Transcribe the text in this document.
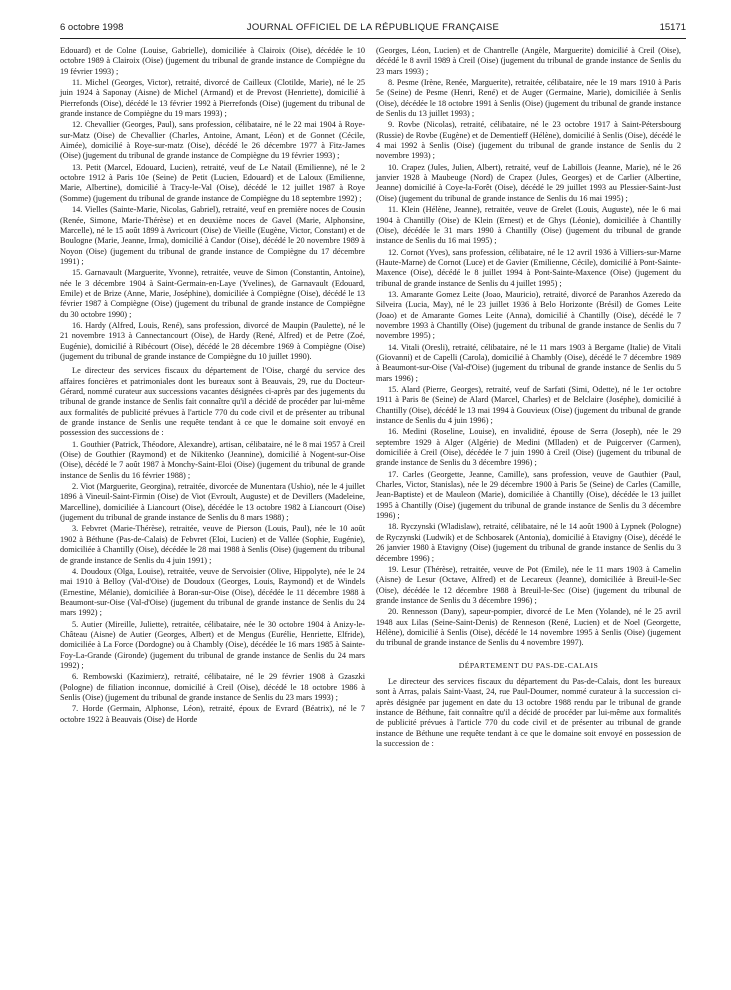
6 octobre 1998	JOURNAL OFFICIEL DE LA RÉPUBLIQUE FRANÇAISE	15171

Edouard) et de Colne (Louise, Gabrielle), domiciliée à Clairoix (Oise), décédée le 10 octobre 1989 à Clairoix (Oise) (jugement du tribunal de grande instance de Compiègne du 19 février 1993) ;

11. Michel (Georges, Victor), retraité, divorcé de Cailleux (Clotilde, Marie), né le 25 juin 1924 à Saponay (Aisne) de Michel (Armand) et de Prevost (Henriette), domicilié à Pierrefonds (Oise), décédé le 13 février 1992 à Pierrefonds (Oise) (jugement du tribunal de grande instance de Compiègne du 19 mars 1993) ;

12. Chevallier (Georges, Paul), sans profession, célibataire, né le 22 mai 1904 à Roye-sur-Matz (Oise) de Chevallier (Charles, Antoine, Amant, Léon) et de Gonnet (Cécile, Aimée), domicilié à Roye-sur-matz (Oise), décédé le 26 décembre 1977 à Fitz-James (Oise) (jugement du tribunal de grande instance de Compiègne du 19 février 1993) ;

13. Petit (Marcel, Edouard, Lucien), retraité, veuf de Le Natail (Emilienne), né le 2 octobre 1912 à Paris 10e (Seine) de Petit (Lucien, Edouard) et de Laloux (Emilienne, Marie, Albertine), domicilié à Tracy-le-Val (Oise), décédé le 12 juillet 1987 à Roye (Somme) (jugement du tribunal de grande instance de Compiègne du 18 septembre 1992) ;

14. Vielles (Sainte-Marie, Nicolas, Gabriel), retraité, veuf en première noces de Cousin (Renée, Simone, Marie-Thérèse) et en deuxième noces de Gavel (Marie, Alphonsine, Marcelle), né le 15 août 1899 à Avricourt (Oise) de Vieille (Eugène, Victor, Constant) et de Boulogne (Marie, Jeanne, Irma), domicilié à Candor (Oise), décédé le 20 novembre 1989 à Noyon (Oise) (jugement du tribunal de grande instance de Compiègne du 17 décembre 1991) ;

15. Garnavault (Marguerite, Yvonne), retraitée, veuve de Simon (Constantin, Antoine), née le 3 décembre 1904 à Saint-Germain-en-Laye (Yvelines), de Garnavault (Edouard, Emile) et de Brize (Anne, Marie, Joséphine), domiciliée à Compiègne (Oise), décédé le 13 février 1987 à Compiègne (Oise) (jugement du tribunal de grande instance de Compiègne du 30 octobre 1990) ;

16. Hardy (Alfred, Louis, René), sans profession, divorcé de Maupin (Paulette), né le 21 novembre 1913 à Cannectancourt (Oise), de Hardy (René, Alfred) et de Petre (Zoé, Eugénie), domicilié à Ribécourt (Oise), décédé le 28 décembre 1969 à Compiègne (Oise) (jugement du tribunal de grande instance de Compiègne du 10 juillet 1990).

Le directeur des services fiscaux du département de l'Oise, chargé du service des affaires foncières et patrimoniales dont les bureaux sont à Beauvais, 29, rue du Docteur-Gérard, nommé curateur aux successions vacantes désignées ci-après par des jugements du tribunal de grande instance de Senlis fait connaître qu'il a décidé de procéder par lui-même aux formalités de publicité prévues à l'article 770 du code civil et de présenter au tribunal de grande instance de Senlis une requête tendant à ce que le domaine soit envoyé en possession des successions de :

1. Gouthier (Patrick, Théodore, Alexandre), artisan, célibataire, né le 8 mai 1957 à Creil (Oise) de Gouthier (Raymond) et de Nikitenko (Jeannine), domicilié à Nogent-sur-Oise (Oise), décédé le 7 août 1987 à Monchy-Saint-Eloi (Oise) (jugement du tribunal de grande instance de Senlis du 16 février 1988) ;

2. Viot (Marguerite, Georgina), retraitée, divorcée de Munentara (Ushio), née le 4 juillet 1896 à Vineuil-Saint-Firmin (Oise) de Viot (Evroult, Auguste) et de Devillers (Madeleine, Marcelline), domiciliée à Liancourt (Oise), décédée le 13 octobre 1982 à Liancourt (Oise) (jugement du tribunal de grande instance de Senlis du 8 mars 1988) ;

3. Febvret (Marie-Thérèse), retraitée, veuve de Pierson (Louis, Paul), née le 10 août 1902 à Béthune (Pas-de-Calais) de Febvret (Eloi, Lucien) et de Vallée (Sophie, Eugénie), domiciliée à Chantilly (Oise), décédée le 28 mai 1988 à Senlis (Oise) (jugement du tribunal de grande instance de Senlis du 4 juin 1991) ;

4. Doudoux (Olga, Louise), retraitée, veuve de Servoisier (Olive, Hippolyte), née le 24 mai 1910 à Belloy (Val-d'Oise) de Doudoux (Georges, Louis, Raymond) et de Windels (Ernestine, Mélanie), domiciliée à Boran-sur-Oise (Oise), décédée le 11 décembre 1988 à Beaumont-sur-Oise (Val-d'Oise) (jugement du tribunal de grande instance de Senlis du 24 mars 1992) ;

5. Autier (Mireille, Juliette), retraitée, célibataire, née le 30 octobre 1904 à Anizy-le-Château (Aisne) de Autier (Georges, Albert) et de Mengus (Eurélie, Henriette, Elfride), domiciliée à La Force (Dordogne) ou à Chambly (Oise), décédée le 16 mars 1985 à Sainte-Foy-La-Grande (Gironde) (jugement du tribunal de grande instance de Senlis du 24 mars 1992) ;

6. Rembowski (Kazimierz), retraité, célibataire, né le 29 février 1908 à Gzaszki (Pologne) de filiation inconnue, domicilié à Creil (Oise), décédé le 18 octobre 1986 à Senlis (Oise) (jugement du tribunal de grande instance de Senlis du 23 mars 1993) ;

7. Horde (Germain, Alphonse, Léon), retraité, époux de Evrard (Béatrix), né le 7 octobre 1922 à Beauvais (Oise) de Horde

(Georges, Léon, Lucien) et de Chantrelle (Angèle, Marguerite) domicilié à Creil (Oise), décédé le 8 avril 1989 à Creil (Oise) (jugement du tribunal de grande instance de Senlis du 23 mars 1993) ;

8. Pesme (Irène, Renée, Marguerite), retraitée, célibataire, née le 19 mars 1910 à Paris 5e (Seine) de Pesme (Henri, René) et de Auger (Germaine, Marie), domiciliée à Senlis (Oise), décédée le 18 octobre 1991 à Senlis (Oise) (jugement du tribunal de grande instance de Senlis du 13 juillet 1993) ;

9. Rovbe (Nicolas), retraité, célibataire, né le 23 octobre 1917 à Saint-Pétersbourg (Russie) de Rovbe (Eugène) et de Dementieff (Hélène), domicilié à Senlis (Oise), décédé le 4 mai 1992 à Senlis (Oise) (jugement du tribunal de grande instance de Senlis du 2 novembre 1993) ;

10. Crapez (Jules, Julien, Albert), retraité, veuf de Labillois (Jeanne, Marie), né le 26 janvier 1928 à Maubeuge (Nord) de Crapez (Jules, Georges) et de Carlier (Albertine, Jeanne) domicilié à Coye-la-Forêt (Oise), décédé le 29 juillet 1993 au Plessier-Saint-Just (Oise) (jugement du tribunal de grande instance de Senlis du 16 mai 1995) ;

11. Klein (Hélène, Jeanne), retraitée, veuve de Grelet (Louis, Auguste), née le 6 mai 1904 à Chantilly (Oise) de Klein (Ernest) et de Ghys (Léonie), domiciliée à Chantilly (Oise), décédée le 31 mars 1990 à Chantilly (Oise) (jugement du tribunal de grande instance de Senlis du 16 mai 1995) ;

12. Cornot (Yves), sans profession, célibataire, né le 12 avril 1936 à Villiers-sur-Marne (Haute-Marne) de Cornot (Luce) et de Gavier (Emilienne, Cécile), domicilié à Pont-Sainte-Maxence (Oise), décédé le 8 juillet 1994 à Pont-Sainte-Maxence (Oise) (jugement du tribunal de grande instance de Senlis du 4 juillet 1995) ;

13. Amarante Gomez Leite (Joao, Mauricio), retraité, divorcé de Paranhos Azeredo da Silveira (Lucia, May), né le 23 juillet 1936 à Belo Horizonte (Brésil) de Gomes Leite (Joao) et de Amarante Gomes Leite (Anna), domicilié à Chantilly (Oise), décédé le 7 novembre 1993 à Chantilly (Oise) (jugement du tribunal de grande instance de Senlis du 7 novembre 1995) ;

14. Vitali (Oresli), retraité, célibataire, né le 11 mars 1903 à Bergame (Italie) de Vitali (Giovanni) et de Capelli (Carola), domicilié à Chambly (Oise), décédé le 7 décembre 1989 à Beaumont-sur-Oise (Val-d'Oise) (jugement du tribunal de grande instance de Senlis du 5 mars 1996) ;

15. Alard (Pierre, Georges), retraité, veuf de Sarfati (Simi, Odette), né le 1er octobre 1911 à Paris 8e (Seine) de Alard (Marcel, Charles) et de Belclaire (Joséphe), domicilié à Chantilly (Oise), décédé le 13 mai 1994 à Gouvieux (Oise) (jugement du tribunal de grande instance de Senlis du 4 juin 1996) ;

16. Medini (Roseline, Louise), en invalidité, épouse de Serra (Joseph), née le 29 septembre 1929 à Alger (Algérie) de Medini (Mlladen) et de Puigcerver (Carmen), domiciliée à Creil (Oise), décédée le 7 juin 1990 à Creil (Oise) (jugement du tribunal de grande instance de Senlis du 3 décembre 1996) ;

17. Carles (Georgette, Jeanne, Camille), sans profession, veuve de Gauthier (Paul, Charles, Victor, Stanislas), née le 29 décembre 1900 à Paris 5e (Seine) de Carles (Camille, Jean-Baptiste) et de Mauleon (Marie), domiciliée à Chantilly (Oise), décédée le 13 juillet 1995 à Chantilly (Oise) (jugement du tribunal de grande instance de Senlis du 3 décembre 1996) ;

18. Ryczynski (Wladislaw), retraité, célibataire, né le 14 août 1900 à Lypnek (Pologne) de Ryczynski (Ludwik) et de Schbosarek (Antonia), domicilié à Etavigny (Oise), décédé le 26 janvier 1980 à Etavigny (Oise) (jugement du tribunal de grande instance de Senlis du 3 décembre 1996) ;

19. Lesur (Thérèse), retraitée, veuve de Pot (Emile), née le 11 mars 1903 à Camelin (Aisne) de Lesur (Octave, Alfred) et de Lecareux (Jeanne), domiciliée à Breuil-le-Sec (Oise), décédée le 12 décembre 1988 à Breuil-le-Sec (Oise) (jugement du tribunal de grande instance de Senlis du 3 décembre 1996) ;

20. Rennesson (Dany), sapeur-pompier, divorcé de Le Men (Yolande), né le 25 avril 1948 aux Lilas (Seine-Saint-Denis) de Renneson (René, Lucien) et de Noel (Georgette, Hélène), domicilié à Senlis (Oise), décédé le 14 novembre 1995 à Senlis (Oise) (jugement du tribunal de grande instance de Senlis du 4 novembre 1997).

DÉPARTEMENT DU PAS-DE-CALAIS

Le directeur des services fiscaux du département du Pas-de-Calais, dont les bureaux sont à Arras, palais Saint-Vaast, 24, rue Paul-Doumer, nommé curateur à la succession ci-après désignée par jugement en date du 13 octobre 1988 rendu par le tribunal de grande instance de Béthune, fait connaître qu'il a décidé de procéder par lui-même aux formalités de publicité prévues à l'article 770 du code civil et de présenter au tribunal de grande instance de Béthune une requête tendant à ce que le domaine soit envoyé en possession de la succession de :
